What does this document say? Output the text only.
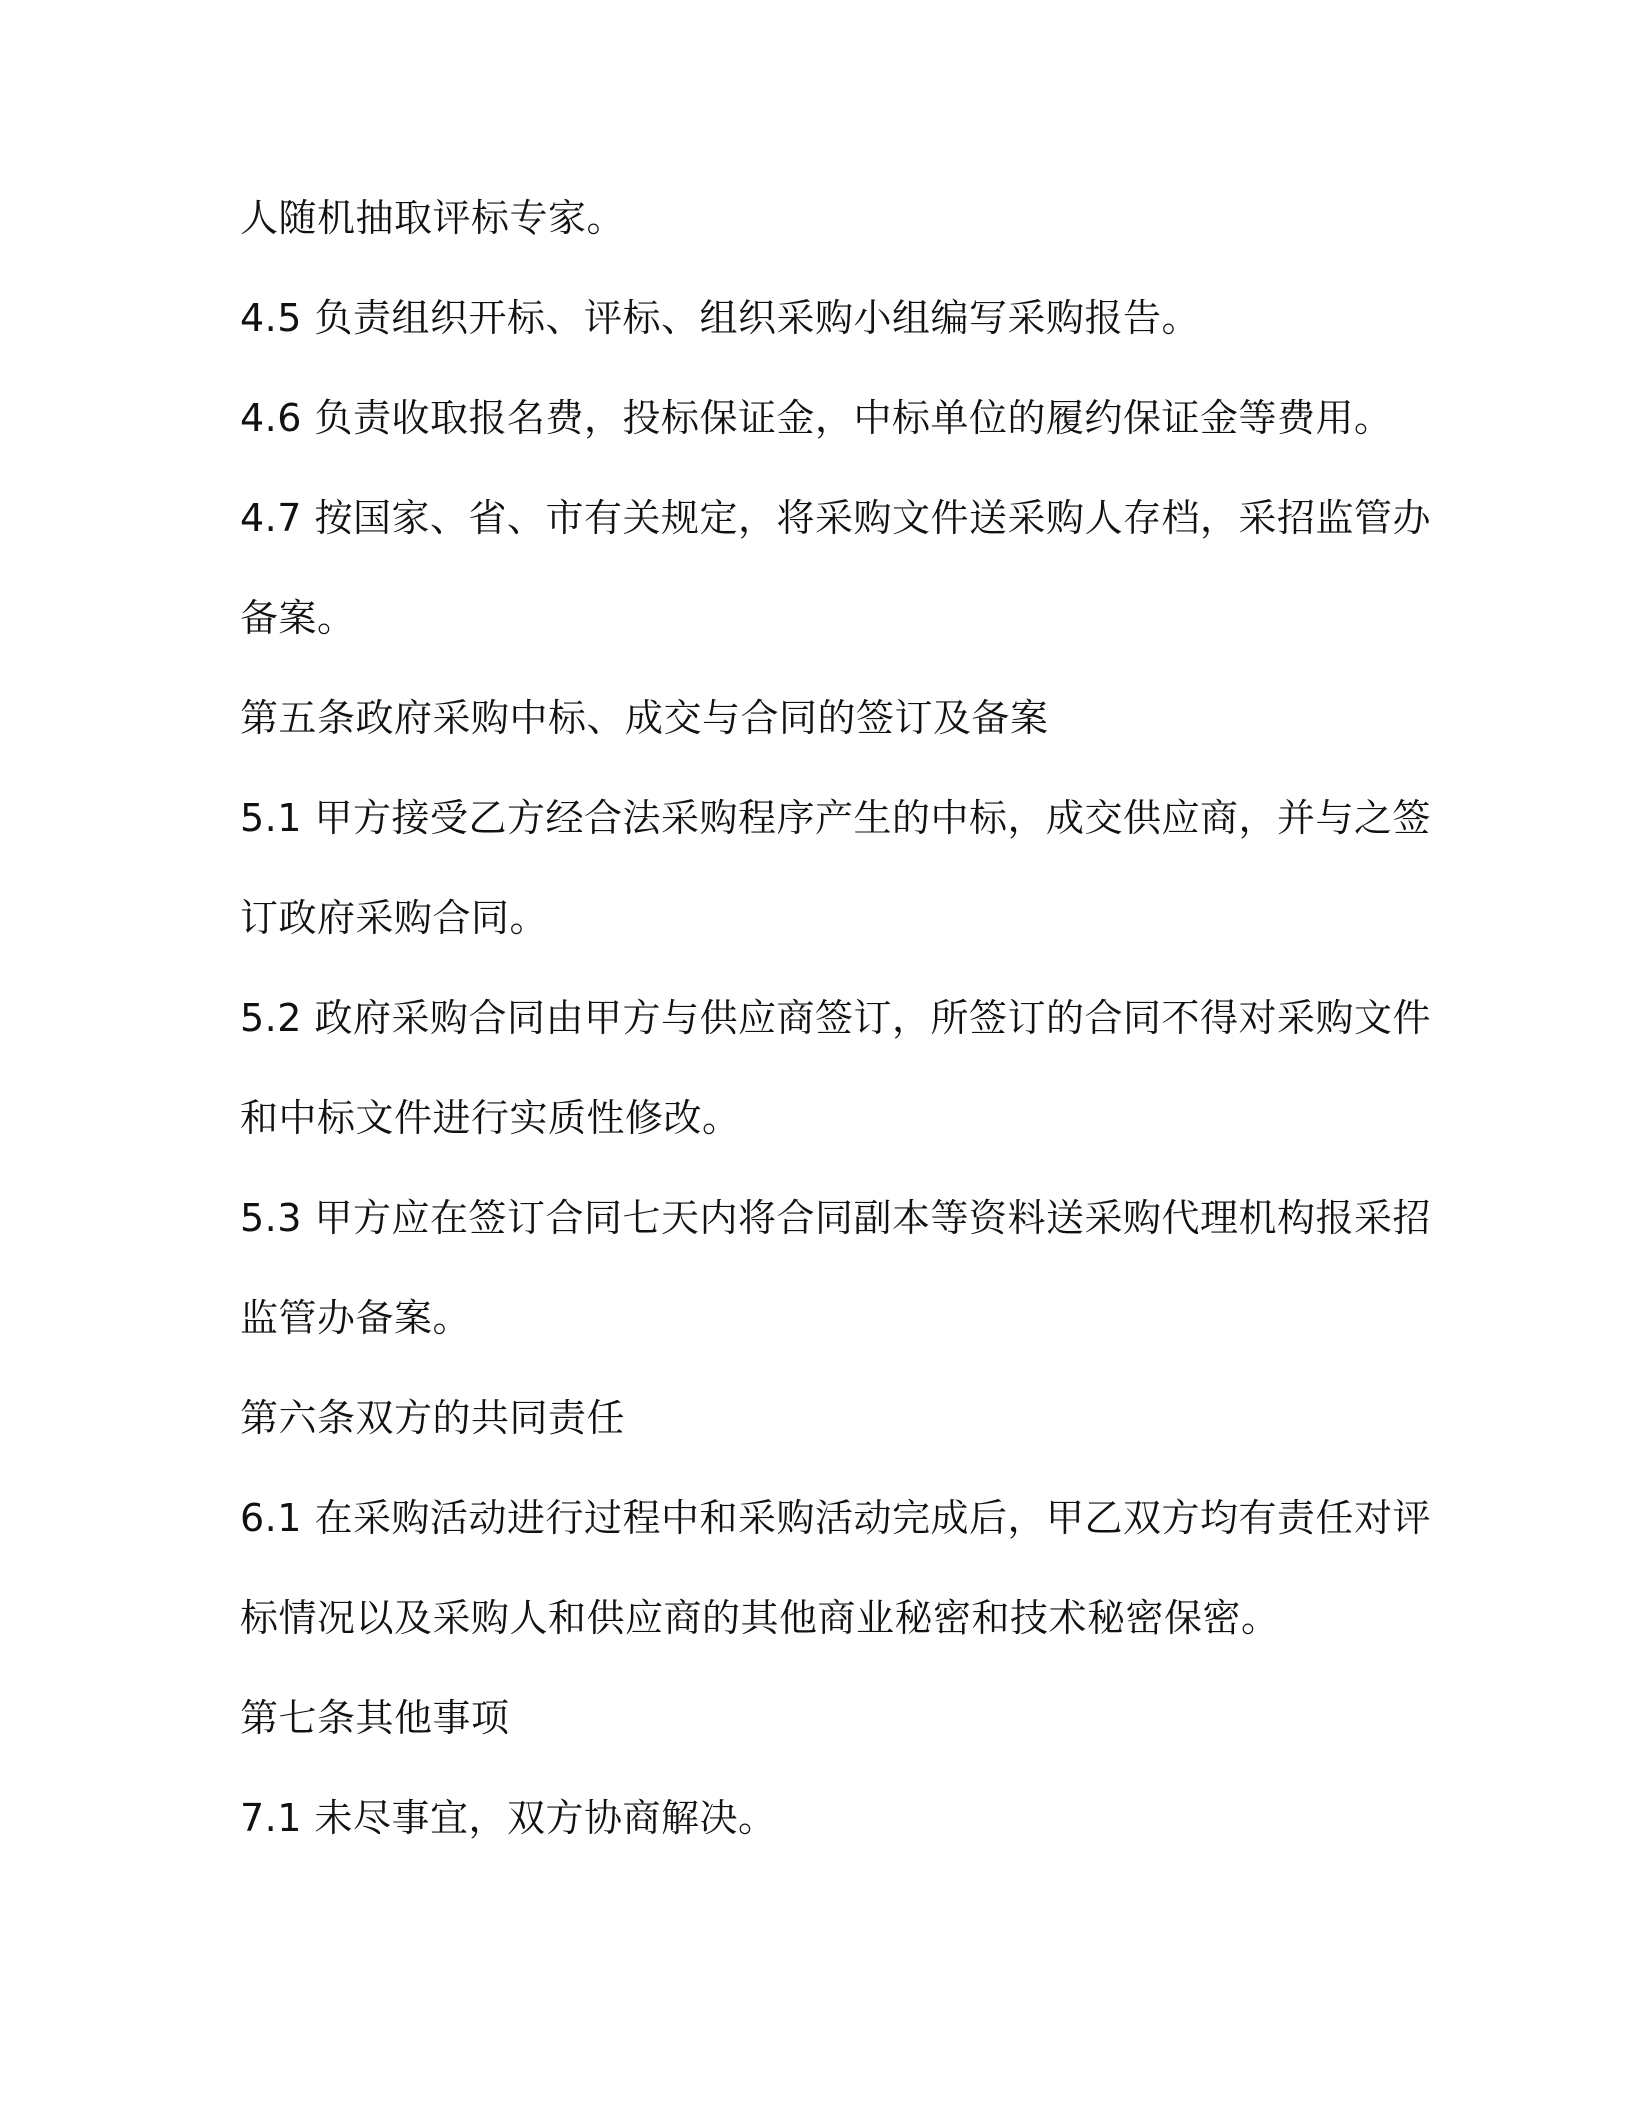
人随机抽取评标专家。
4.5 负责组织开标、评标、组织采购小组编写采购报告。
4.6 负责收取报名费，投标保证金，中标单位的履约保证金等费用。
4.7 按国家、省、市有关规定，将采购文件送采购人存档，采招监管办
备案。
第五条政府采购中标、成交与合同的签订及备案
5.1 甲方接受乙方经合法采购程序产生的中标，成交供应商，并与之签
订政府采购合同。
5.2 政府采购合同由甲方与供应商签订，所签订的合同不得对采购文件
和中标文件进行实质性修改。
5.3 甲方应在签订合同七天内将合同副本等资料送采购代理机构报采招
监管办备案。
第六条双方的共同责任
6.1 在采购活动进行过程中和采购活动完成后，甲乙双方均有责任对评
标情况以及采购人和供应商的其他商业秘密和技术秘密保密。
第七条其他事项
7.1 未尽事宜，双方协商解决。
